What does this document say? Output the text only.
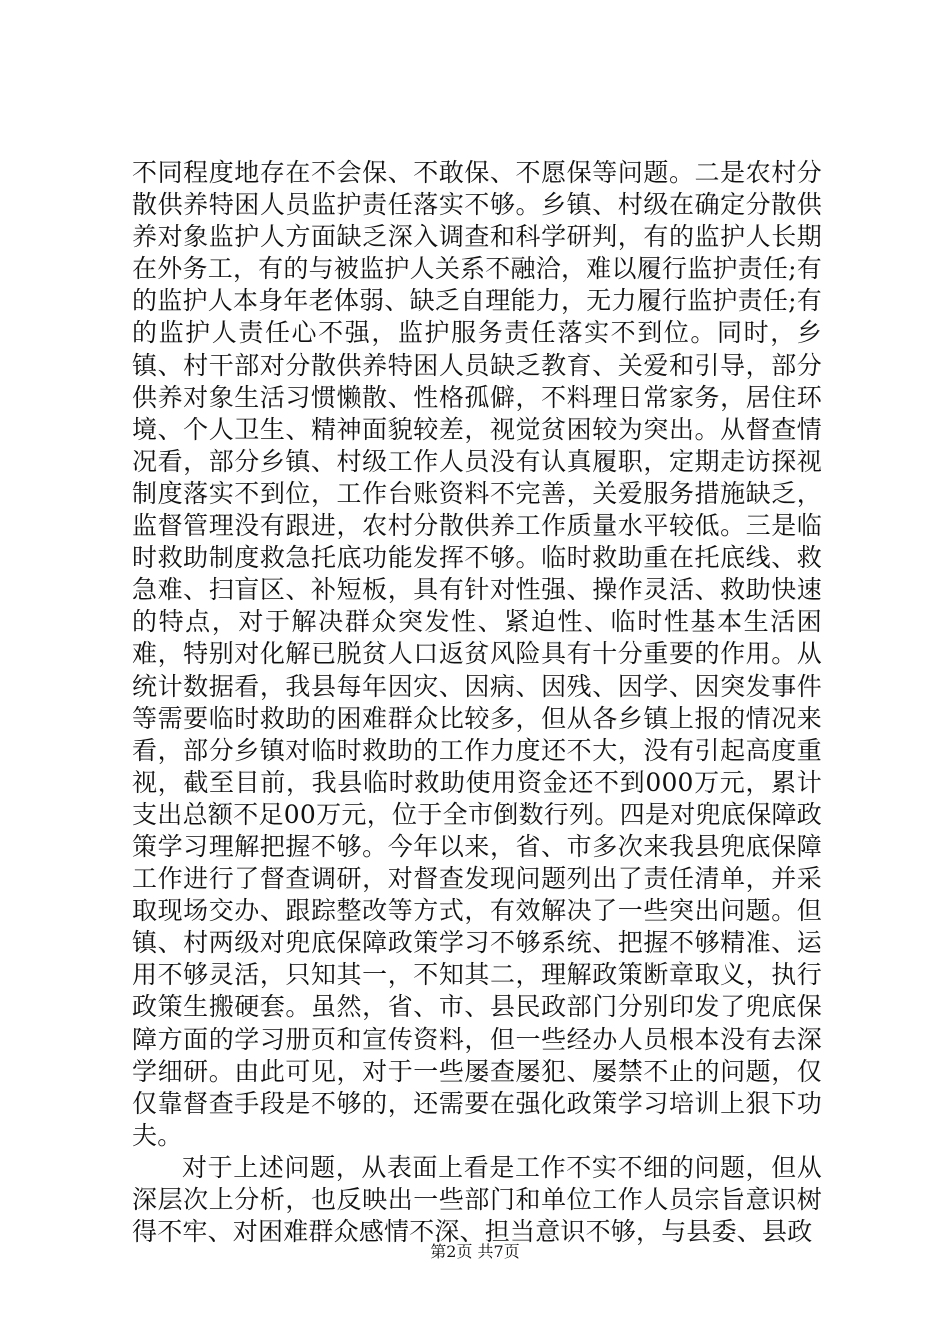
不同程度地存在不会保、不敢保、不愿保等问题。二是农村分散供养特困人员监护责任落实不够。乡镇、村级在确定分散供养对象监护人方面缺乏深入调查和科学研判，有的监护人长期在外务工，有的与被监护人关系不融洽，难以履行监护责任;有的监护人本身年老体弱、缺乏自理能力，无力履行监护责任;有的监护人责任心不强，监护服务责任落实不到位。同时，乡镇、村干部对分散供养特困人员缺乏教育、关爱和引导，部分供养对象生活习惯懒散、性格孤僻，不料理日常家务，居住环境、个人卫生、精神面貌较差，视觉贫困较为突出。从督查情况看，部分乡镇、村级工作人员没有认真履职，定期走访探视制度落实不到位，工作台账资料不完善，关爱服务措施缺乏，监督管理没有跟进，农村分散供养工作质量水平较低。三是临时救助制度救急托底功能发挥不够。临时救助重在托底线、救急难、扫盲区、补短板，具有针对性强、操作灵活、救助快速的特点，对于解决群众突发性、紧迫性、临时性基本生活困难，特别对化解已脱贫人口返贫风险具有十分重要的作用。从统计数据看，我县每年因灾、因病、因残、因学、因突发事件等需要临时救助的困难群众比较多，但从各乡镇上报的情况来看，部分乡镇对临时救助的工作力度还不大，没有引起高度重视，截至目前，我县临时救助使用资金还不到000万元，累计支出总额不足00万元，位于全市倒数行列。四是对兜底保障政策学习理解把握不够。今年以来，省、市多次来我县兜底保障工作进行了督查调研，对督查发现问题列出了责任清单，并采取现场交办、跟踪整改等方式，有效解决了一些突出问题。但镇、村两级对兜底保障政策学习不够系统、把握不够精准、运用不够灵活，只知其一，不知其二，理解政策断章取义，执行政策生搬硬套。虽然，省、市、县民政部门分别印发了兜底保障方面的学习册页和宣传资料，但一些经办人员根本没有去深学细研。由此可见，对于一些屡查屡犯、屡禁不止的问题，仅仅靠督查手段是不够的，还需要在强化政策学习培训上狠下功夫。

对于上述问题，从表面上看是工作不实不细的问题，但从深层次上分析，也反映出一些部门和单位工作人员宗旨意识树得不牢、对困难群众感情不深、担当意识不够，与县委、县政

第2页 共7页
